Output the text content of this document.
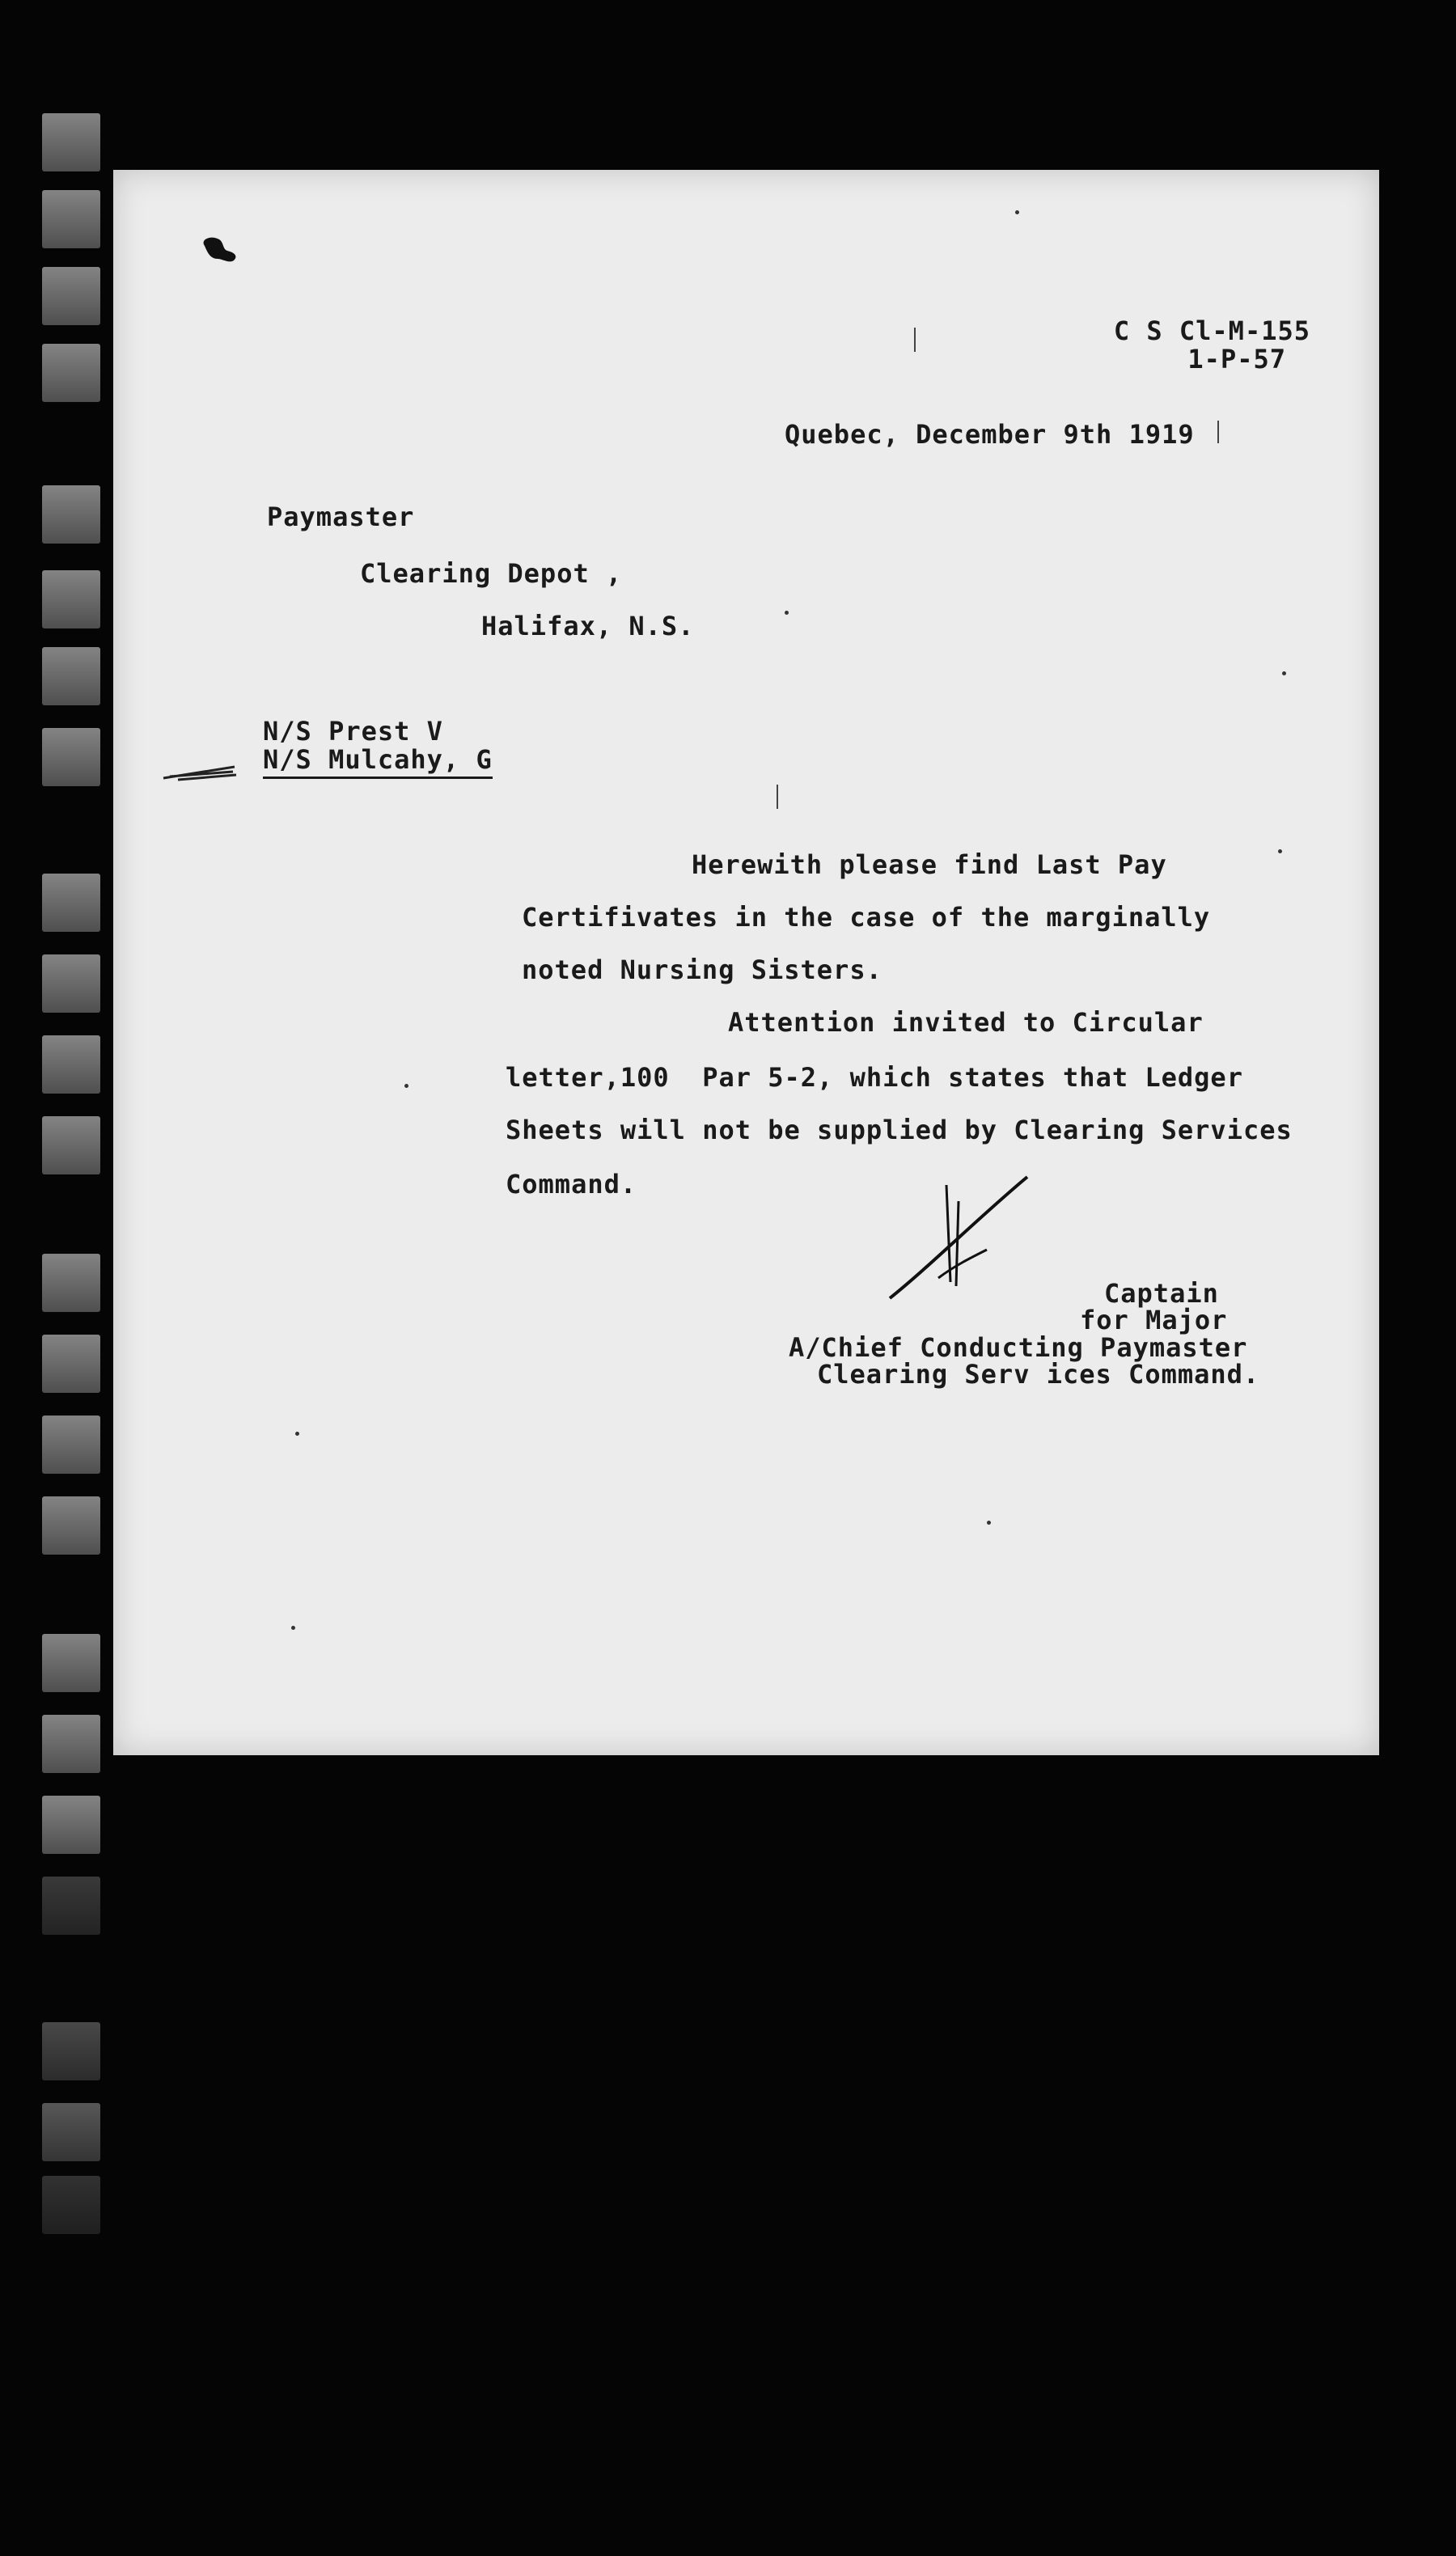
C S Cl-M-155
1-P-57
Quebec, December 9th 1919
Paymaster
Clearing Depot ,
Halifax, N.S.
N/S Prest V
N/S Mulcahy, G
Herewith please find Last Pay
Certifivates in the case of the marginally
noted Nursing Sisters.
Attention invited to Circular
letter,100  Par 5-2, which states that Ledger
Sheets will not be supplied by Clearing Services
Command.
Captain
for Major
A/Chief Conducting Paymaster
Clearing Serv ices Command.
